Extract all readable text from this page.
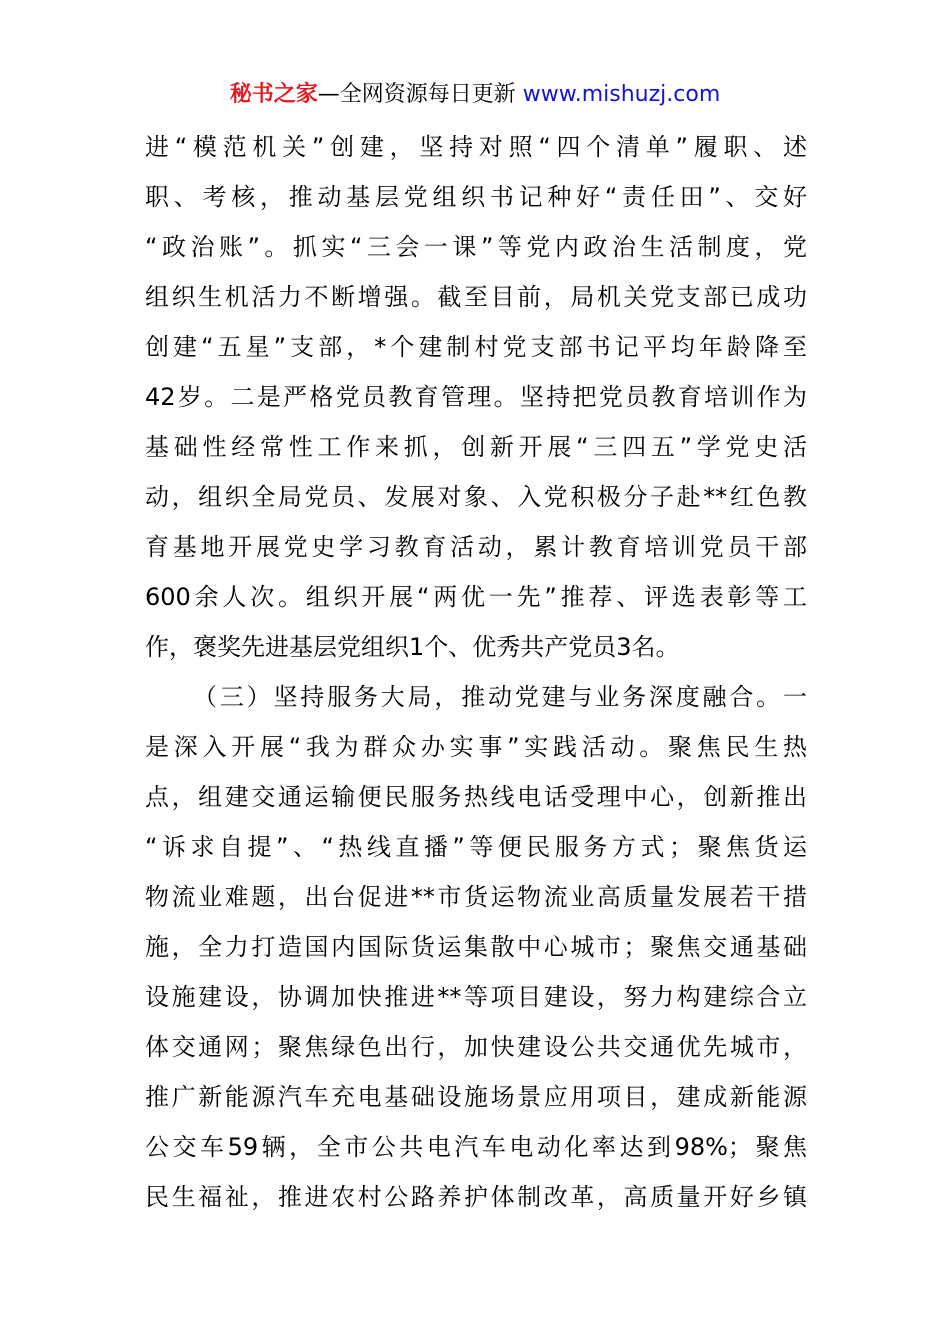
秘书之家—全网资源每日更新 www.mishuzj.com
进“模范机关”创建，坚持对照“四个清单”履职、述
职、考核，推动基层党组织书记种好“责任田”、交好
“政治账”。抓实“三会一课”等党内政治生活制度，党
组织生机活力不断增强。截至目前，局机关党支部已成功
创建“五星”支部，*个建制村党支部书记平均年龄降至
42岁。二是严格党员教育管理。坚持把党员教育培训作为
基础性经常性工作来抓，创新开展“三四五”学党史活
动，组织全局党员、发展对象、入党积极分子赴**红色教
育基地开展党史学习教育活动，累计教育培训党员干部
600余人次。组织开展“两优一先”推荐、评选表彰等工
作，褒奖先进基层党组织1个、优秀共产党员3名。
（三）坚持服务大局，推动党建与业务深度融合。一
是深入开展“我为群众办实事”实践活动。聚焦民生热
点，组建交通运输便民服务热线电话受理中心，创新推出
“诉求自提”、“热线直播”等便民服务方式；聚焦货运
物流业难题，出台促进**市货运物流业高质量发展若干措
施，全力打造国内国际货运集散中心城市；聚焦交通基础
设施建设，协调加快推进**等项目建设，努力构建综合立
体交通网；聚焦绿色出行，加快建设公共交通优先城市，
推广新能源汽车充电基础设施场景应用项目，建成新能源
公交车59辆，全市公共电汽车电动化率达到98%；聚焦
民生福祉，推进农村公路养护体制改革，高质量开好乡镇
